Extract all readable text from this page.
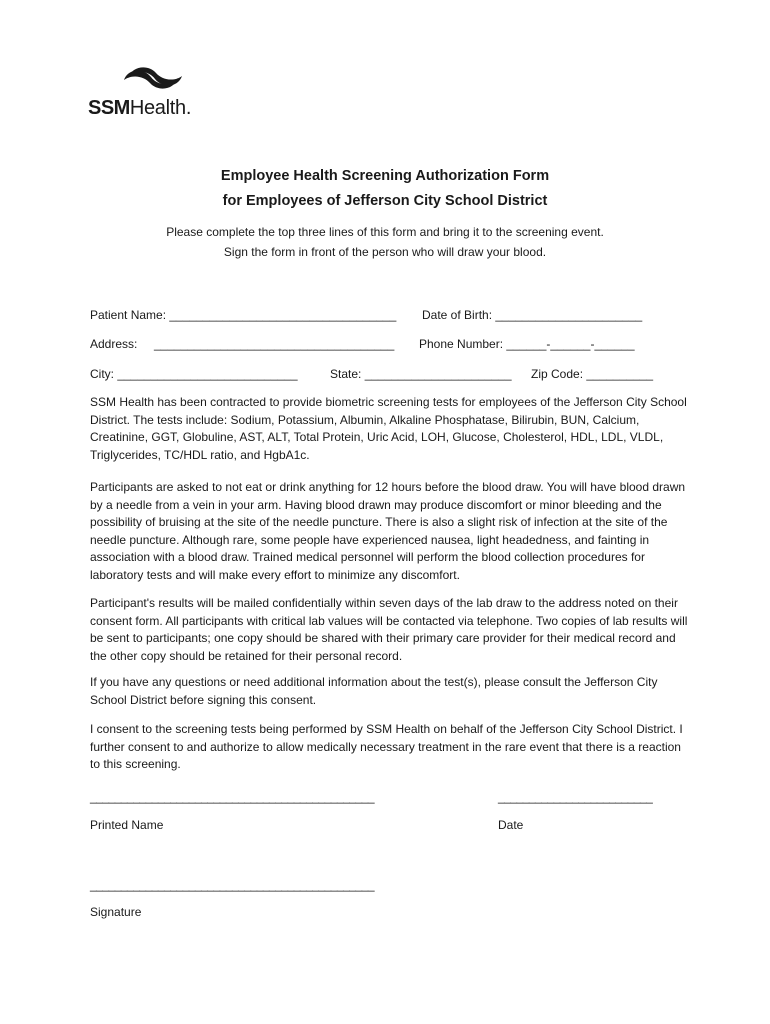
SSMHealth.
Employee Health Screening Authorization Form
for Employees of Jefferson City School District
Please complete the top three lines of this form and bring it to the screening event.
Sign the form in front of the person who will draw your blood.
Patient Name: __________________________________ Date of Birth: ______________________
Address: ____________________________________ Phone Number: ______-______-______
City: ___________________________	State: ______________________ Zip Code: __________
SSM Health has been contracted to provide biometric screening tests for employees of the Jefferson City School District. The tests include: Sodium, Potassium, Albumin, Alkaline Phosphatase, Bilirubin, BUN, Calcium, Creatinine, GGT, Globuline, AST, ALT, Total Protein, Uric Acid, LOH, Glucose, Cholesterol, HDL, LDL, VLDL, Triglycerides, TC/HDL ratio, and HgbA1c.
Participants are asked to not eat or drink anything for 12 hours before the blood draw. You will have blood drawn by a needle from a vein in your arm. Having blood drawn may produce discomfort or minor bleeding and the possibility of bruising at the site of the needle puncture. There is also a slight risk of infection at the site of the needle puncture. Although rare, some people have experienced nausea, light headedness, and fainting in association with a blood draw. Trained medical personnel will perform the blood collection procedures for laboratory tests and will make every effort to minimize any discomfort.
Participant's results will be mailed confidentially within seven days of the lab draw to the address noted on their consent form. All participants with critical lab values will be contacted via telephone. Two copies of lab results will be sent to participants; one copy should be shared with their primary care provider for their medical record and the other copy should be retained for their personal record.
If you have any questions or need additional information about the test(s), please consult the Jefferson City School District before signing this consent.
I consent to the screening tests being performed by SSM Health on behalf of the Jefferson City School District. I further consent to and authorize to allow medically necessary treatment in the rare event that there is a reaction to this screening.
______________________________________________	_________________________
Printed Name	Date
______________________________________________
Signature
